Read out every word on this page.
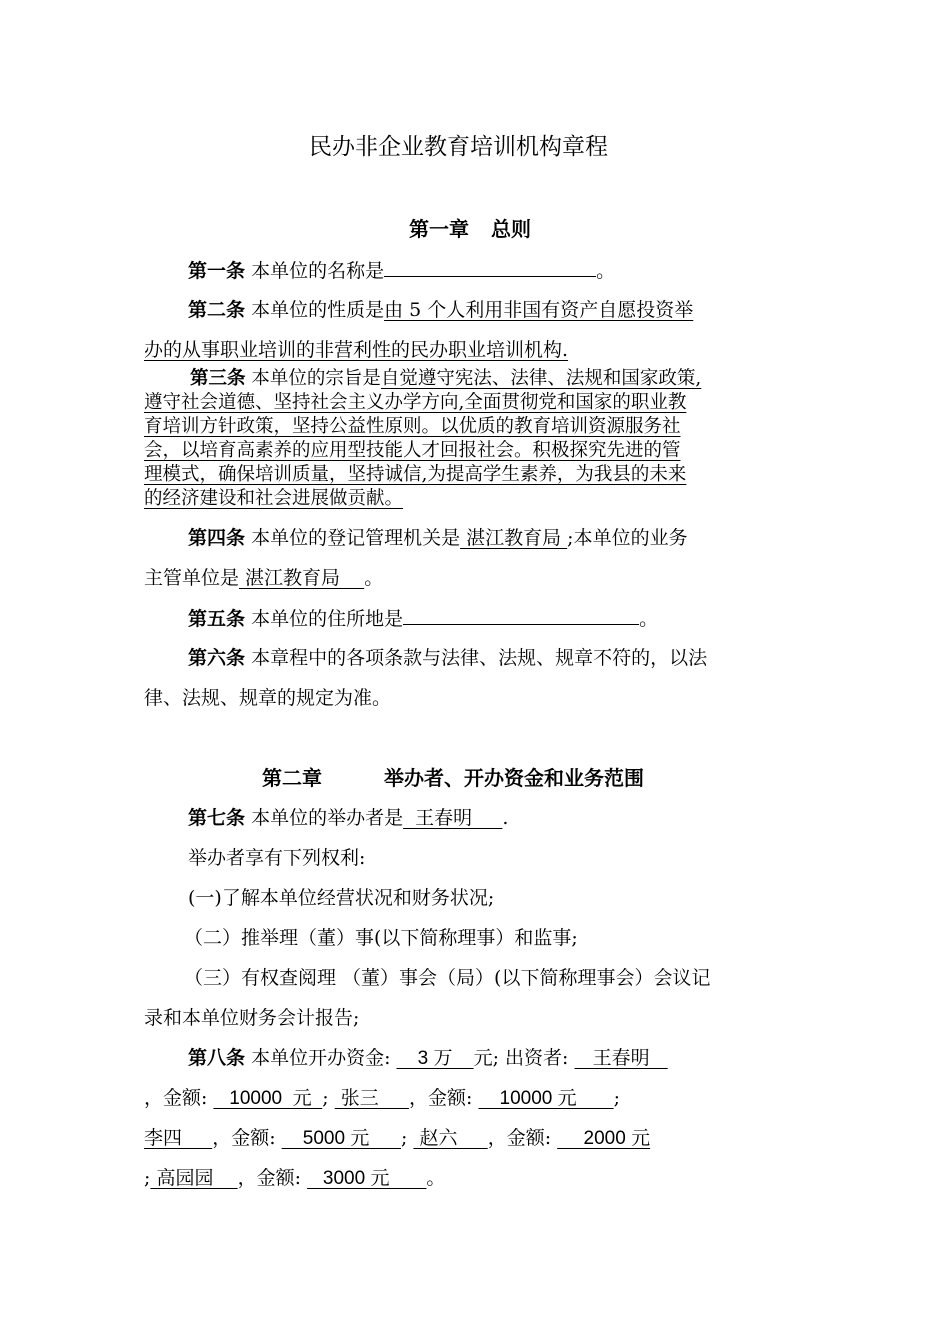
民办非企业教育培训机构章程
第一章 总则
第一条 本单位的名称是	。
第二条 本单位的性质是由 5 个人利用非国有资产自愿投资举
办的从事职业培训的非营利性的民办职业培训机构.
第三条 本单位的宗旨是自觉遵守宪法、法律、法规和国家政策,
遵守社会道德、坚持社会主义办学方向,全面贯彻党和国家的职业教
育培训方针政策，坚持公益性原则。以优质的教育培训资源服务社
会，以培育高素养的应用型技能人才回报社会。积极探究先进的管
理模式，确保培训质量，坚持诚信,为提高学生素养，为我县的未来
的经济建设和社会进展做贡献。
第四条 本单位的登记管理机关是 湛江教育局 ;本单位的业务
主管单位是 湛江教育局    。
第五条 本单位的住所地是	。
第六条 本章程中的各项条款与法律、法规、规章不符的，以法
律、法规、规章的规定为准。
第二章	举办者、开办资金和业务范围
第七条 本单位的举办者是  王春明     .
举办者享有下列权利:
(一)了解本单位经营状况和财务状况;
（二）推举理（董）事(以下简称理事）和监事;
（三）有权查阅理 （董）事会（局）(以下简称理事会）会议记
录和本单位财务会计报告;
第八条 本单位开办资金:     3 万    元; 出资者:    王春明
，金额:    10000  元  ;  张三     ，金额:     10000 元       ;
李四     ，金额:     5000 元      ;  赵六     ，金额:      2000 元
; 高园园    ，金额:    3000 元       。
